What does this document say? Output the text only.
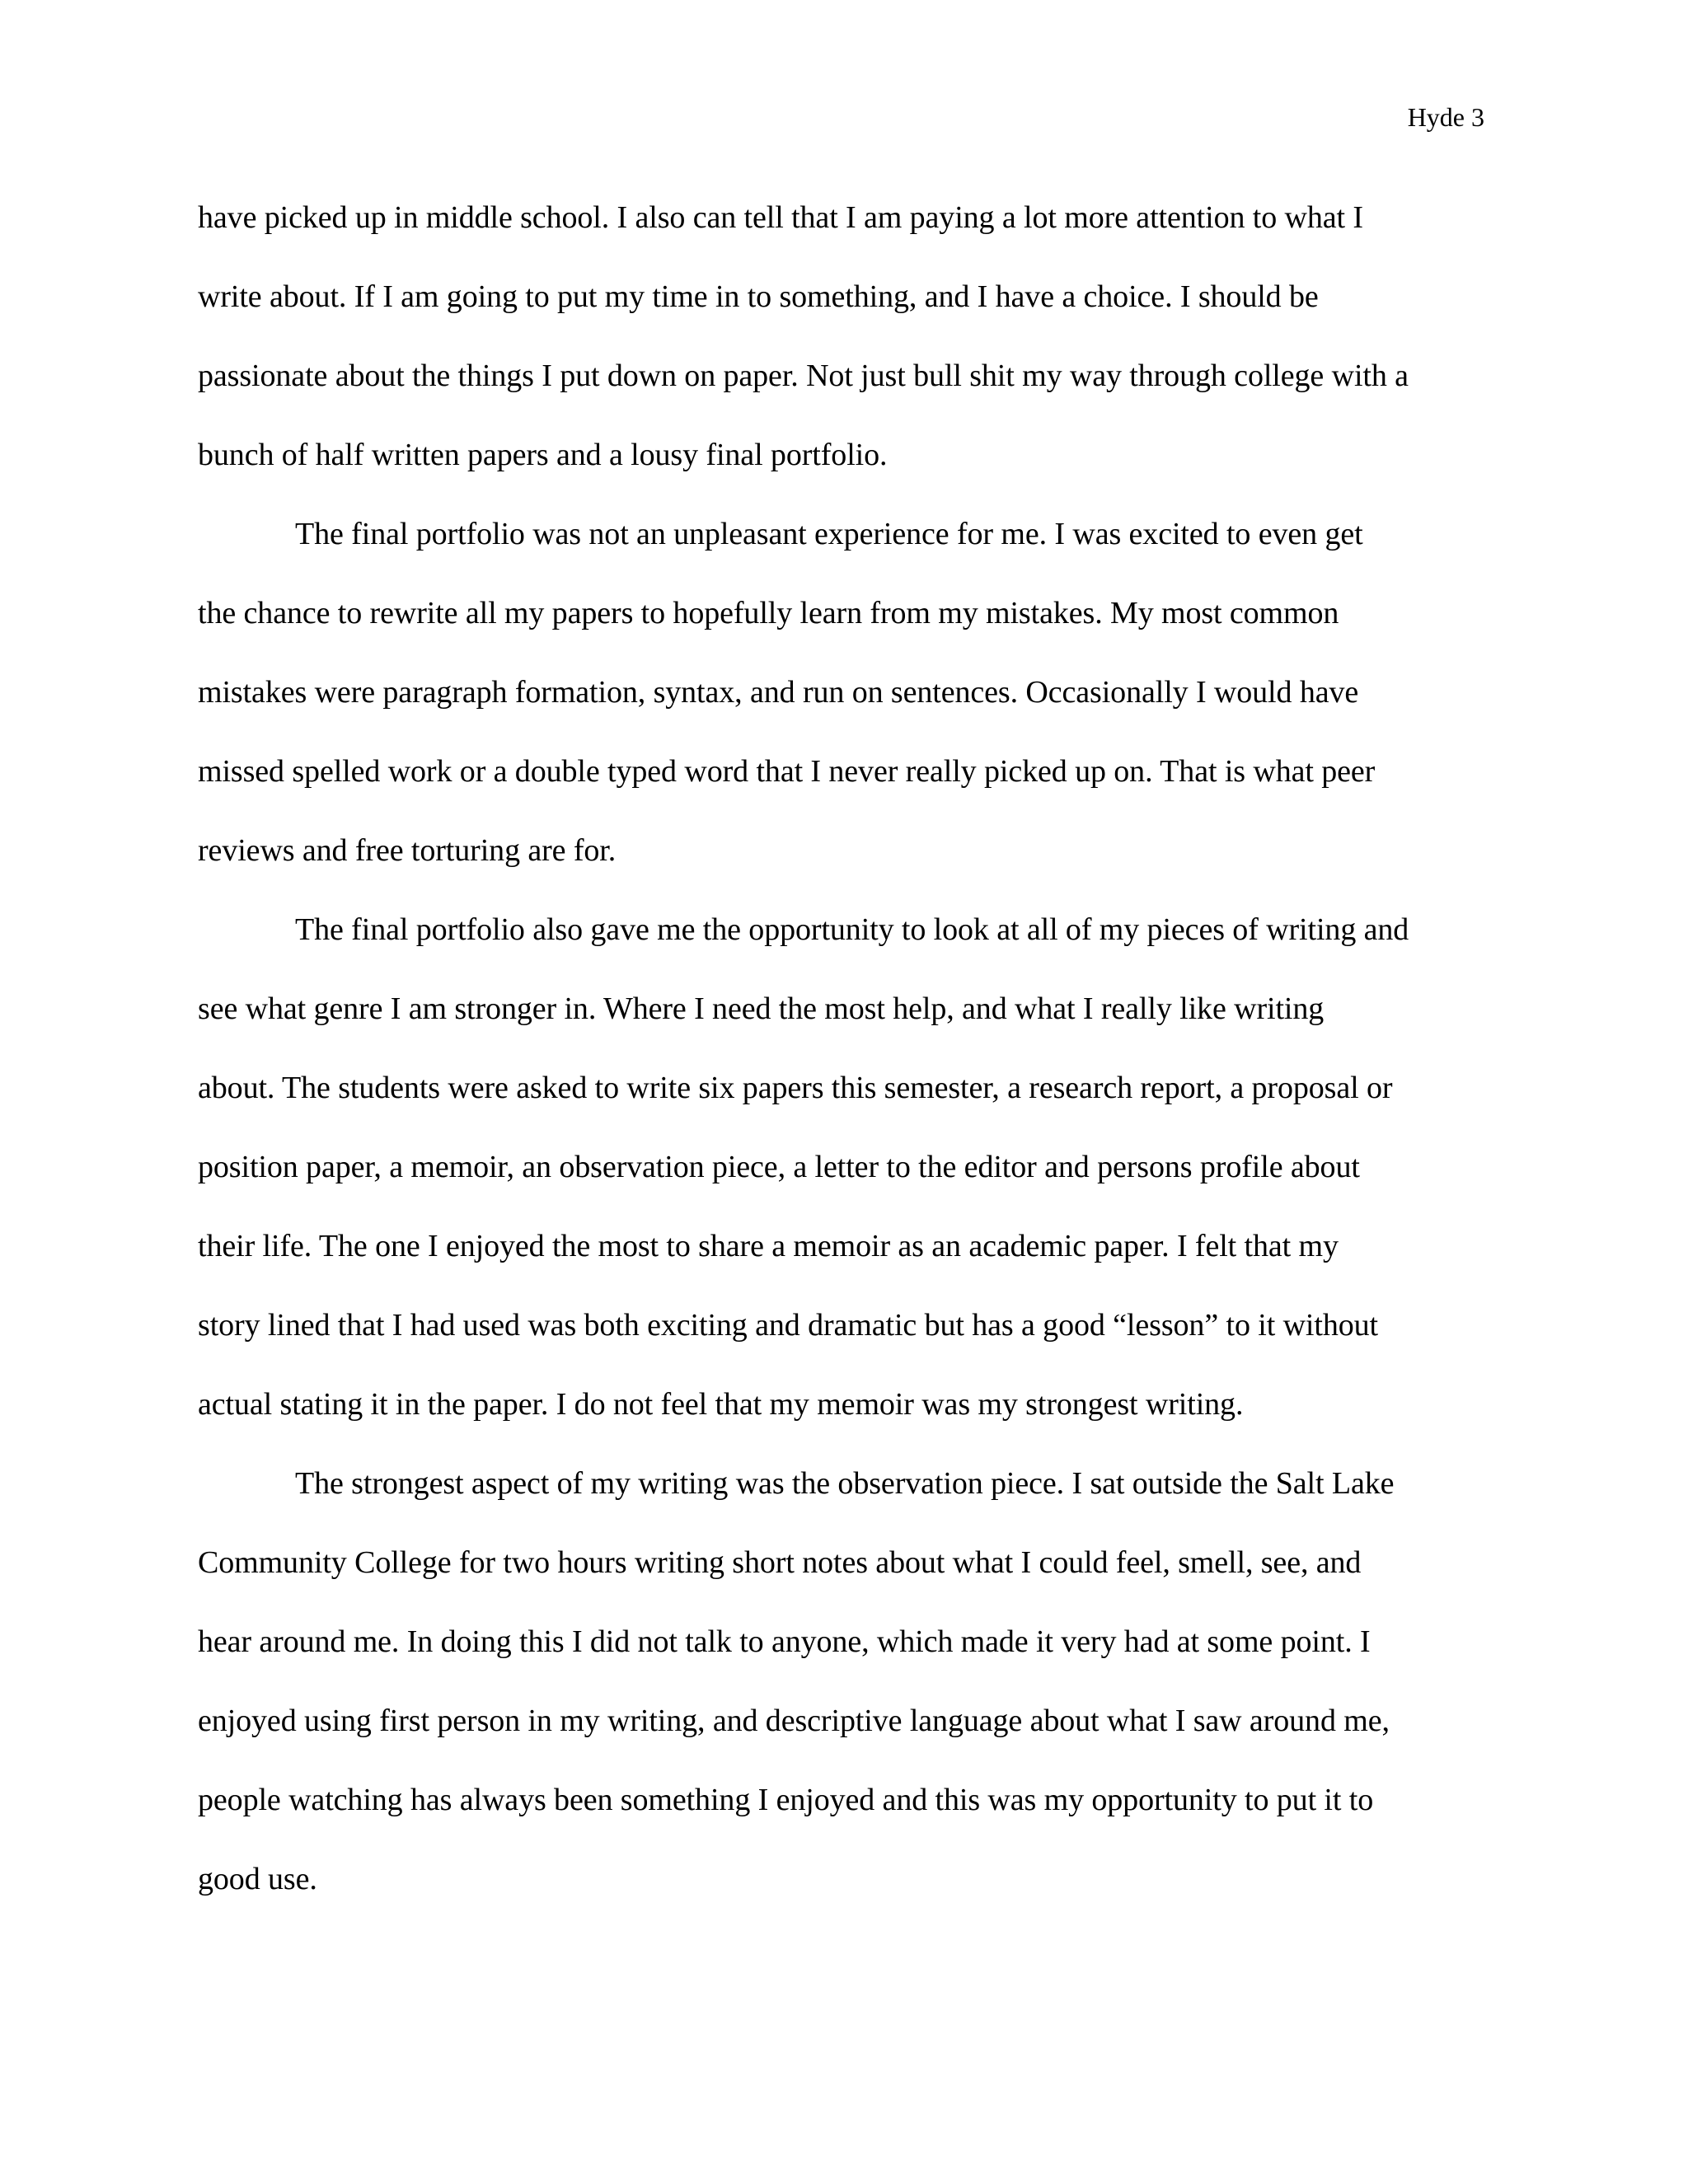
Hyde 3
have picked up in middle school. I also can tell that I am paying a lot more attention to what I
write about. If I am going to put my time in to something, and I have a choice. I should be
passionate about the things I put down on paper. Not just bull shit my way through college with a
bunch of half written papers and a lousy final portfolio.
The final portfolio was not an unpleasant experience for me. I was excited to even get
the chance to rewrite all my papers to hopefully learn from my mistakes. My most common
mistakes were paragraph formation, syntax, and run on sentences. Occasionally I would have
missed spelled work or a double typed word that I never really picked up on. That is what peer
reviews and free torturing are for.
The final portfolio also gave me the opportunity to look at all of my pieces of writing and
see what genre I am stronger in. Where I need the most help, and what I really like writing
about. The students were asked to write six papers this semester, a research report, a proposal or
position paper, a memoir, an observation piece, a letter to the editor and persons profile about
their life. The one I enjoyed the most to share a memoir as an academic paper. I felt that my
story lined that I had used was both exciting and dramatic but has a good “lesson” to it without
actual stating it in the paper. I do not feel that my memoir was my strongest writing.
The strongest aspect of my writing was the observation piece. I sat outside the Salt Lake
Community College for two hours writing short notes about what I could feel, smell, see, and
hear around me. In doing this I did not talk to anyone, which made it very had at some point. I
enjoyed using first person in my writing, and descriptive language about what I saw around me,
people watching has always been something I enjoyed and this was my opportunity to put it to
good use.
